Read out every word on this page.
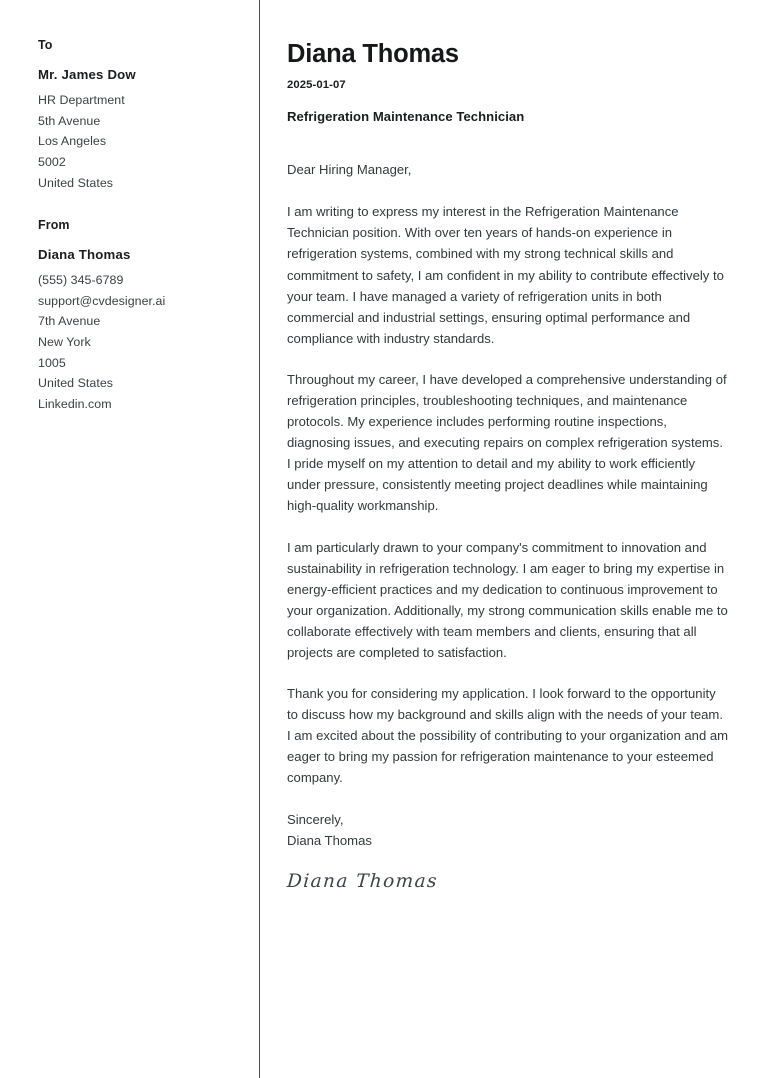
To
Mr. James Dow
HR Department
5th Avenue
Los Angeles
5002
United States
From
Diana Thomas
(555) 345-6789
support@cvdesigner.ai
7th Avenue
New York
1005
United States
Linkedin.com
Diana Thomas
2025-01-07
Refrigeration Maintenance Technician

Dear Hiring Manager,

I am writing to express my interest in the Refrigeration Maintenance Technician position. With over ten years of hands-on experience in refrigeration systems, combined with my strong technical skills and commitment to safety, I am confident in my ability to contribute effectively to your team. I have managed a variety of refrigeration units in both commercial and industrial settings, ensuring optimal performance and compliance with industry standards.

Throughout my career, I have developed a comprehensive understanding of refrigeration principles, troubleshooting techniques, and maintenance protocols. My experience includes performing routine inspections, diagnosing issues, and executing repairs on complex refrigeration systems. I pride myself on my attention to detail and my ability to work efficiently under pressure, consistently meeting project deadlines while maintaining high-quality workmanship.

I am particularly drawn to your company's commitment to innovation and sustainability in refrigeration technology. I am eager to bring my expertise in energy-efficient practices and my dedication to continuous improvement to your organization. Additionally, my strong communication skills enable me to collaborate effectively with team members and clients, ensuring that all projects are completed to satisfaction.

Thank you for considering my application. I look forward to the opportunity to discuss how my background and skills align with the needs of your team. I am excited about the possibility of contributing to your organization and am eager to bring my passion for refrigeration maintenance to your esteemed company.

Sincerely,
Diana Thomas
Diana Thomas
